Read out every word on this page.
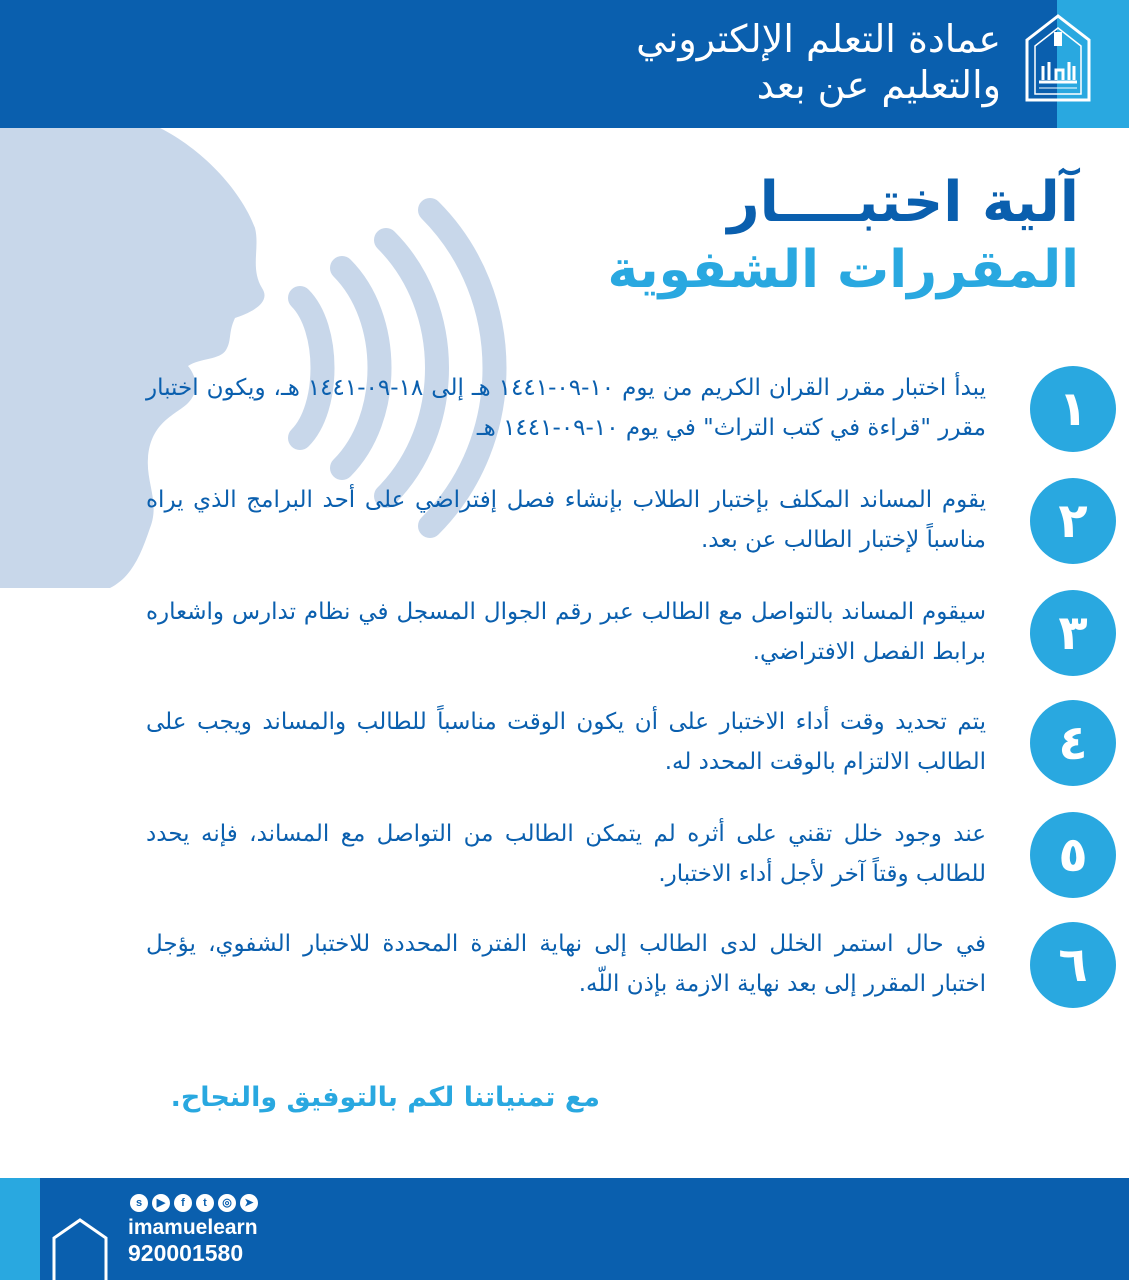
عمادة التعلم الإلكتروني
والتعليم عن بعد
آلية اختبــــار
المقررات الشفوية
١
يبدأ اختبار مقرر القران الكريم من يوم ١٠-٠٩-١٤٤١ هـ إلى ١٨-٠٩-١٤٤١ هـ، ويكون اختبار مقرر "قراءة في كتب التراث" في يوم ١٠-٠٩-١٤٤١ هـ
٢
يقوم المساند المكلف بإختبار الطلاب بإنشاء فصل إفتراضي على أحد البرامج الذي يراه مناسباً لإختبار الطالب عن بعد.
٣
سيقوم المساند بالتواصل مع الطالب عبر رقم الجوال المسجل في نظام تدارس واشعاره برابط الفصل الافتراضي.
٤
يتم تحديد وقت أداء الاختبار على أن يكون الوقت مناسباً للطالب والمساند ويجب على الطالب الالتزام بالوقت المحدد له.
٥
عند وجود خلل تقني على أثره لم يتمكن الطالب من التواصل مع المساند، فإنه يحدد للطالب وقتاً آخر لأجل أداء الاختبار.
٦
في حال استمر الخلل لدى الطالب إلى نهاية الفترة المحددة للاختبار الشفوي، يؤجل اختبار المقرر إلى بعد نهاية الازمة بإذن اللّه.
مع تمنياتنا لكم بالتوفيق والنجاح.
s	▶	f	t	◎	➤
imamuelearn
920001580
